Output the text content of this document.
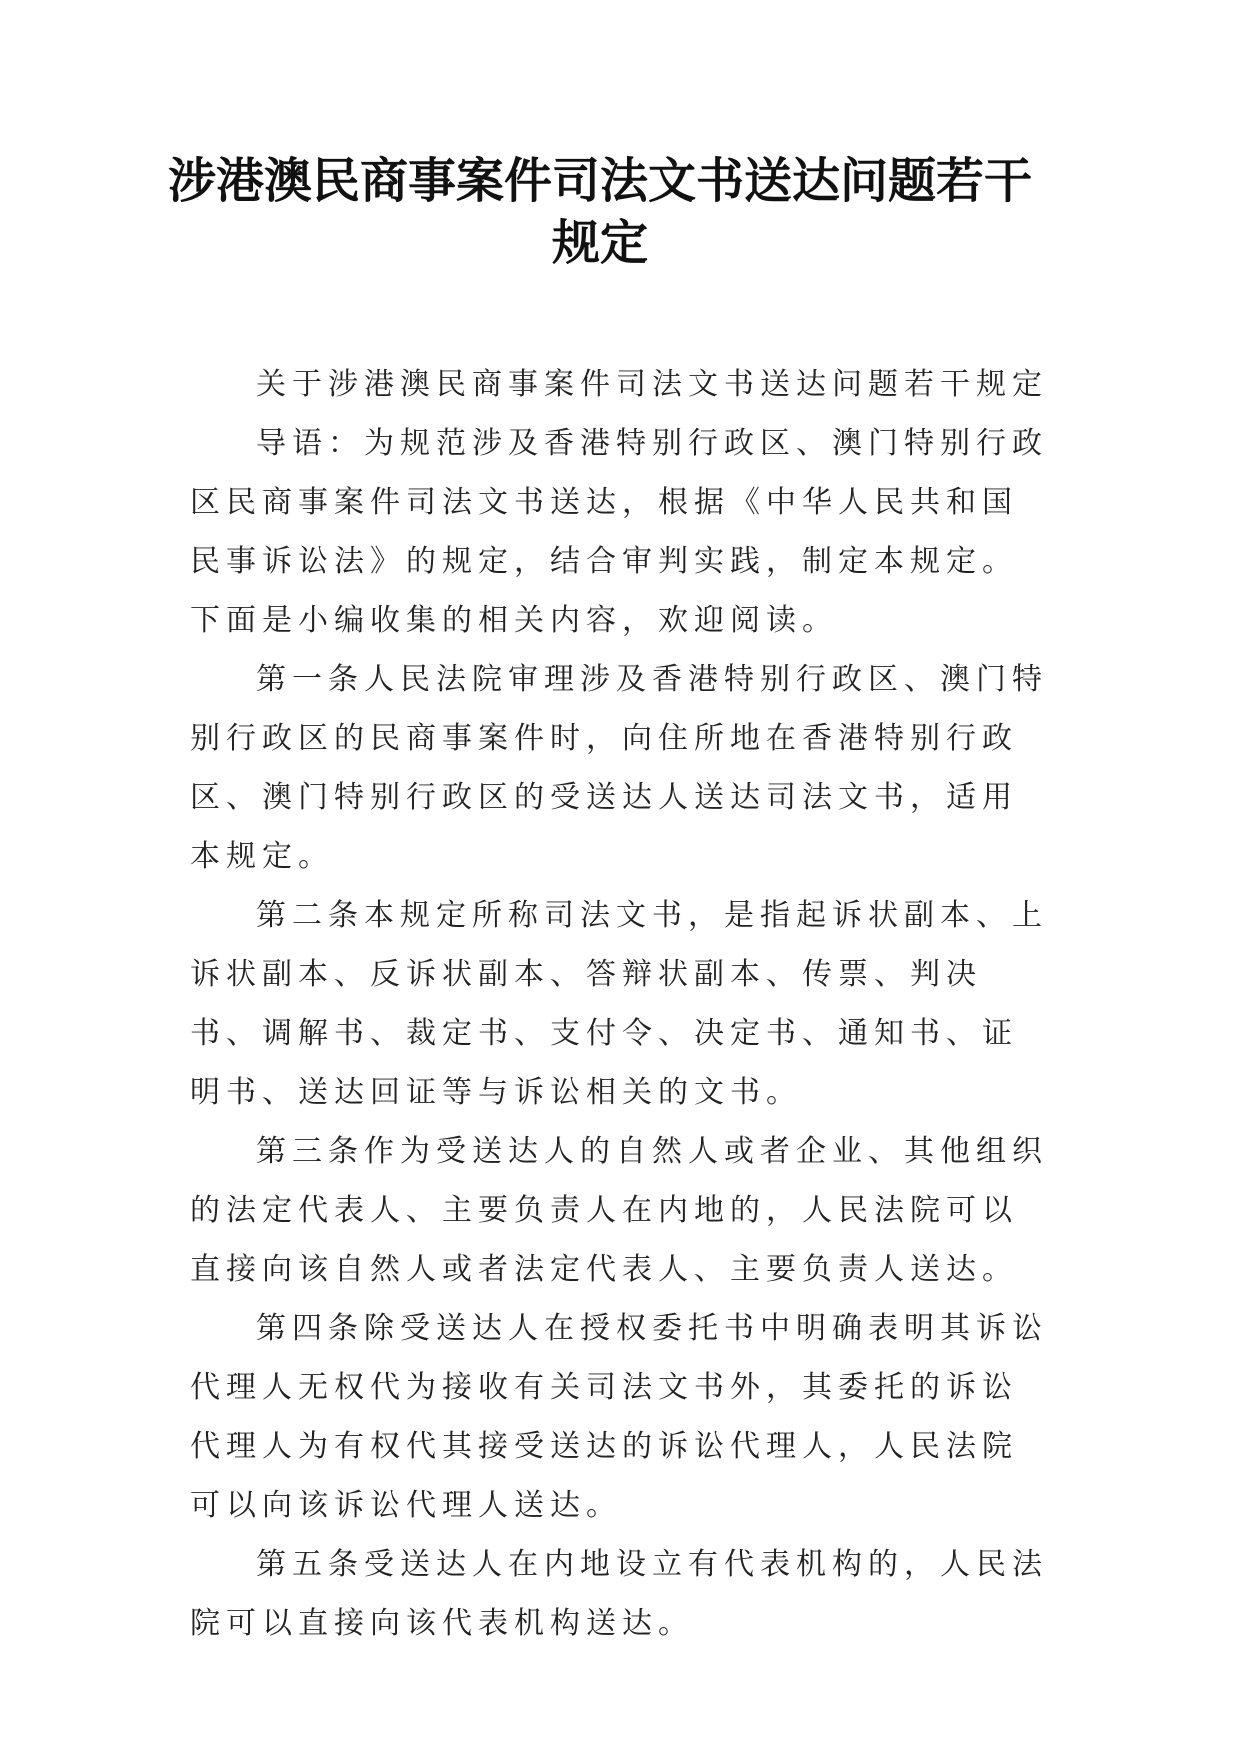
涉港澳民商事案件司法文书送达问题若干
规定

关于涉港澳民商事案件司法文书送达问题若干规定

导语：为规范涉及香港特别行政区、澳门特别行政区民商事案件司法文书送达，根据《中华人民共和国民事诉讼法》的规定，结合审判实践，制定本规定。下面是小编收集的相关内容，欢迎阅读。

第一条人民法院审理涉及香港特别行政区、澳门特别行政区的民商事案件时，向住所地在香港特别行政区、澳门特别行政区的受送达人送达司法文书，适用本规定。

第二条本规定所称司法文书，是指起诉状副本、上诉状副本、反诉状副本、答辩状副本、传票、判决书、调解书、裁定书、支付令、决定书、通知书、证明书、送达回证等与诉讼相关的文书。

第三条作为受送达人的自然人或者企业、其他组织的法定代表人、主要负责人在内地的，人民法院可以直接向该自然人或者法定代表人、主要负责人送达。

第四条除受送达人在授权委托书中明确表明其诉讼代理人无权代为接收有关司法文书外，其委托的诉讼代理人为有权代其接受送达的诉讼代理人，人民法院可以向该诉讼代理人送达。

第五条受送达人在内地设立有代表机构的，人民法院可以直接向该代表机构送达。
